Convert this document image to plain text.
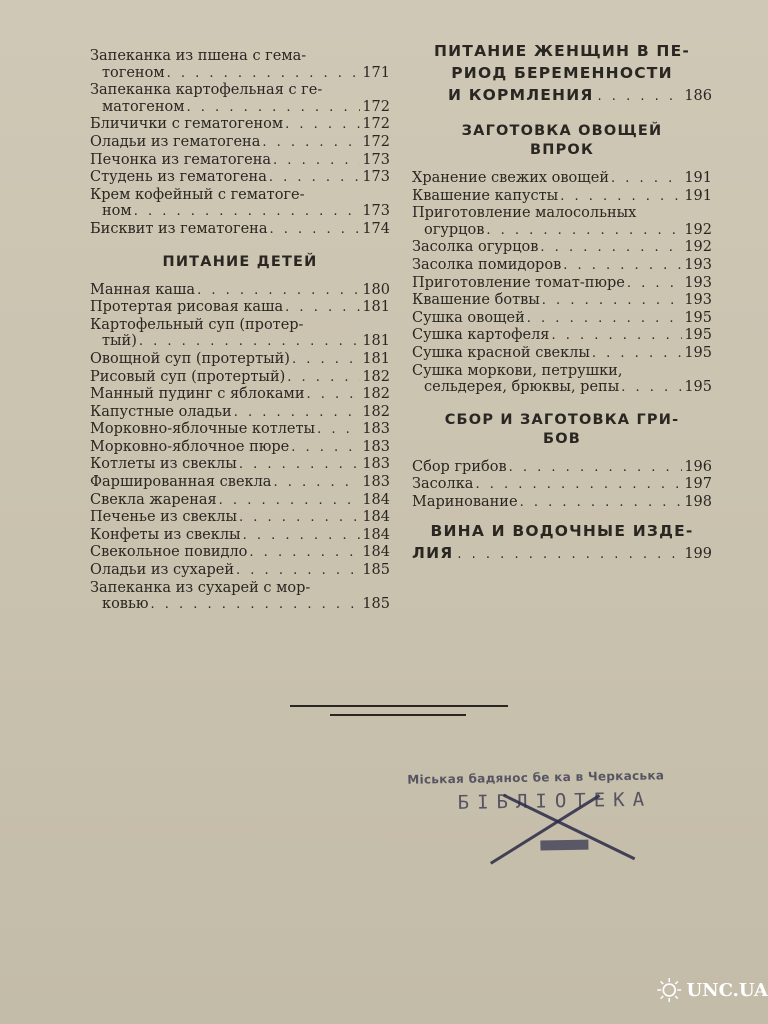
Запеканка из пшена с гема-
тогеном . . .	171
Запеканка картофельная с ге-
матогеном . . .	172
Бличички с гематогеном . . .	172
Оладьи из гематогена . . .	172
Печонка из гематогена . . .	173
Студень из гематогена . . .	173
Крем кофейный с гематоге-
ном . . .	173
Бисквит из гематогена . . .	174
ПИТАНИЕ ДЕТЕЙ
Манная каша . . .	180
Протертая рисовая каша . . .	181
Картофельный суп (протер-
тый) . . .	181
Овощной суп (протертый) . . .	181
Рисовый суп (протертый) . . .	182
Манный пудинг с яблоками . . .	182
Капустные оладьи . . .	182
Морковно-яблочные котлеты . . .	183
Морковно-яблочное пюре . . .	183
Котлеты из свеклы . . .	183
Фаршированная свекла . . .	183
Свекла жареная . . .	184
Печенье из свеклы . . .	184
Конфеты из свеклы . . .	184
Свекольное повидло . . .	184
Оладьи из сухарей . . .	185
Запеканка из сухарей с мор-
ковью . . .	185
ПИТАНИЕ ЖЕНЩИН В ПЕ-
РИОД БЕРЕМЕННОСТИ
И КОРМЛЕНИЯ . . .	186
ЗАГОТОВКА ОВОЩЕЙ
ВПРОК
Хранение свежих овощей . . .	191
Квашение капусты . . .	191
Приготовление малосольных
огурцов . . .	192
Засолка огурцов . . .	192
Засолка помидоров . . .	193
Приготовление томат-пюре . . .	193
Квашение ботвы . . .	193
Сушка овощей . . .	195
Сушка картофеля . . .	195
Сушка красной свеклы . . .	195
Сушка моркови, петрушки,
сельдерея, брюквы, репы . . .	195
СБОР И ЗАГОТОВКА ГРИ-
БОВ
Сбор грибов . . .	196
Засолка . . .	197
Маринование . . .	198
ВИНА И ВОДОЧНЫЕ ИЗДЕ-
ЛИЯ . . .	199
Міськая бадянос бе ка в Черкаська
БІБЛІОТЕКА
UNC.UA
